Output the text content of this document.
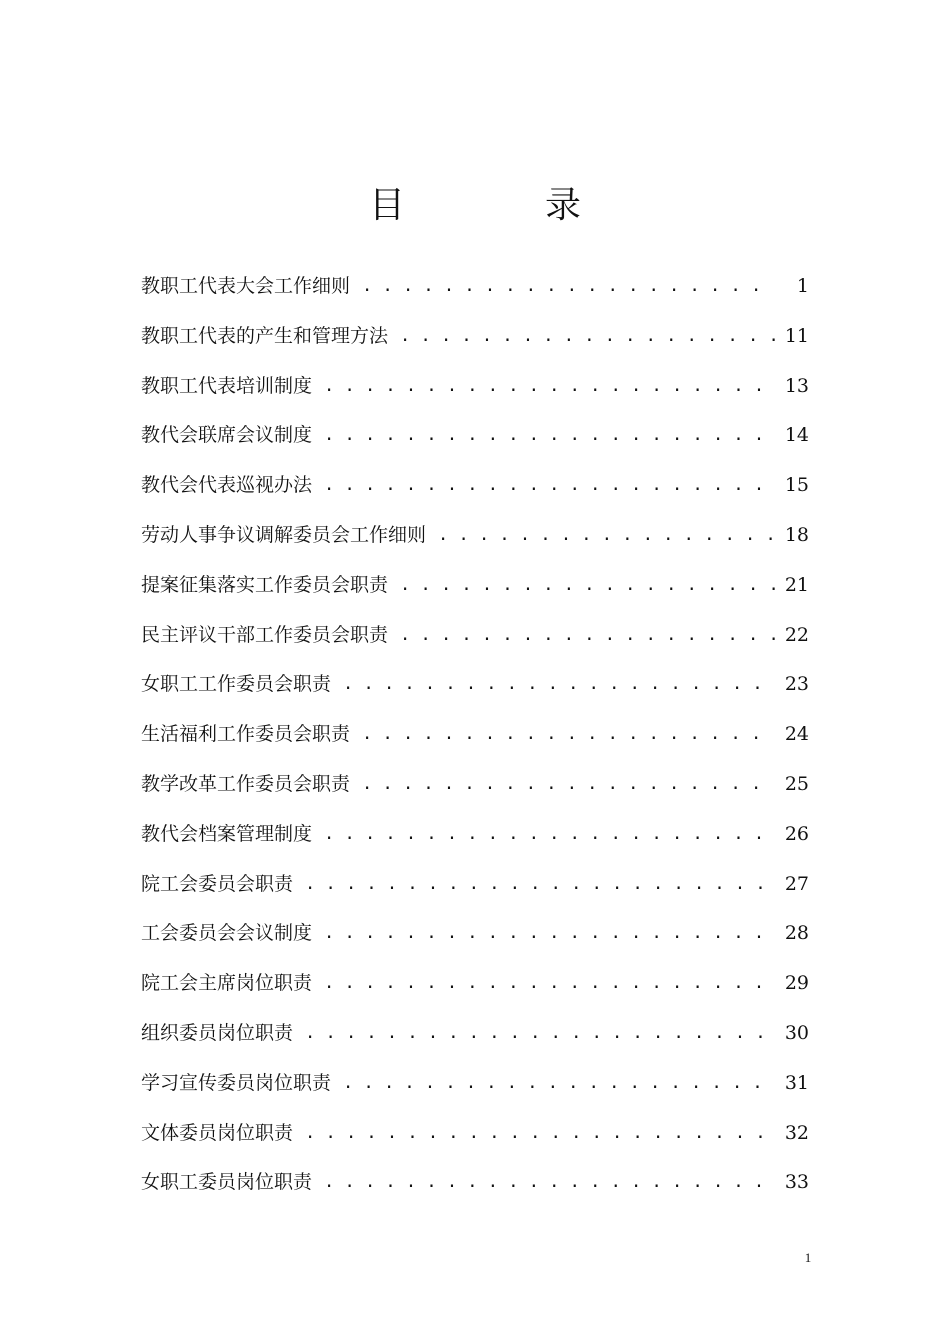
目　录
教职工代表大会工作细则 . . .	1
教职工代表的产生和管理方法 . . .	11
教职工代表培训制度 . . .	13
教代会联席会议制度 . . .	14
教代会代表巡视办法 . . .	15
劳动人事争议调解委员会工作细则 . . .	18
提案征集落实工作委员会职责 . . .	21
民主评议干部工作委员会职责 . . .	22
女职工工作委员会职责 . . .	23
生活福利工作委员会职责 . . .	24
教学改革工作委员会职责 . . .	25
教代会档案管理制度 . . .	26
院工会委员会职责 . . .	27
工会委员会会议制度 . . .	28
院工会主席岗位职责 . . .	29
组织委员岗位职责 . . .	30
学习宣传委员岗位职责 . . .	31
文体委员岗位职责 . . .	32
女职工委员岗位职责 . . .	33
1
